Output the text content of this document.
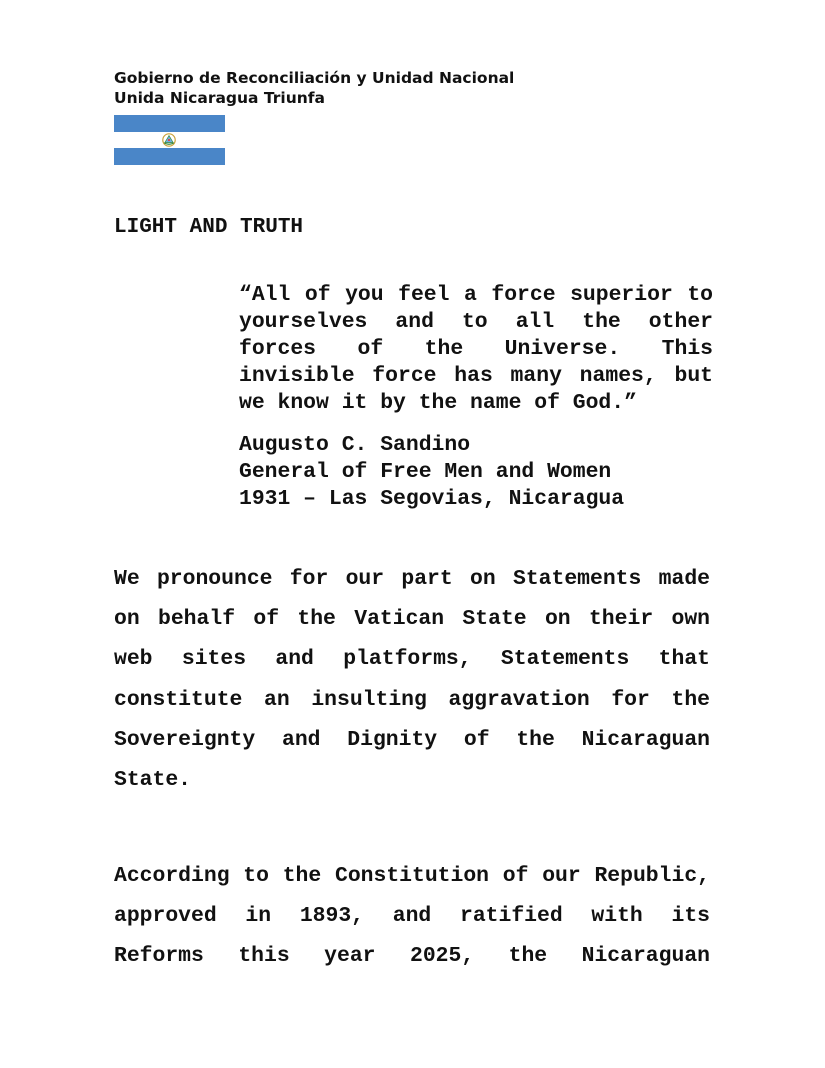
Gobierno de Reconciliación y Unidad Nacional
Unida Nicaragua Triunfa
LIGHT AND TRUTH
“All of you feel a force superior to yourselves and to all the other forces of the Universe. This invisible force has many names, but we know it by the name of God.”
Augusto C. Sandino
General of Free Men and Women
1931 – Las Segovias, Nicaragua
We pronounce for our part on Statements made on behalf of the Vatican State on their own web sites and platforms, Statements that constitute an insulting aggravation for the Sovereignty and Dignity of the Nicaraguan State.
According to the Constitution of our Republic, approved in 1893, and ratified with its Reforms this year 2025, the Nicaraguan
